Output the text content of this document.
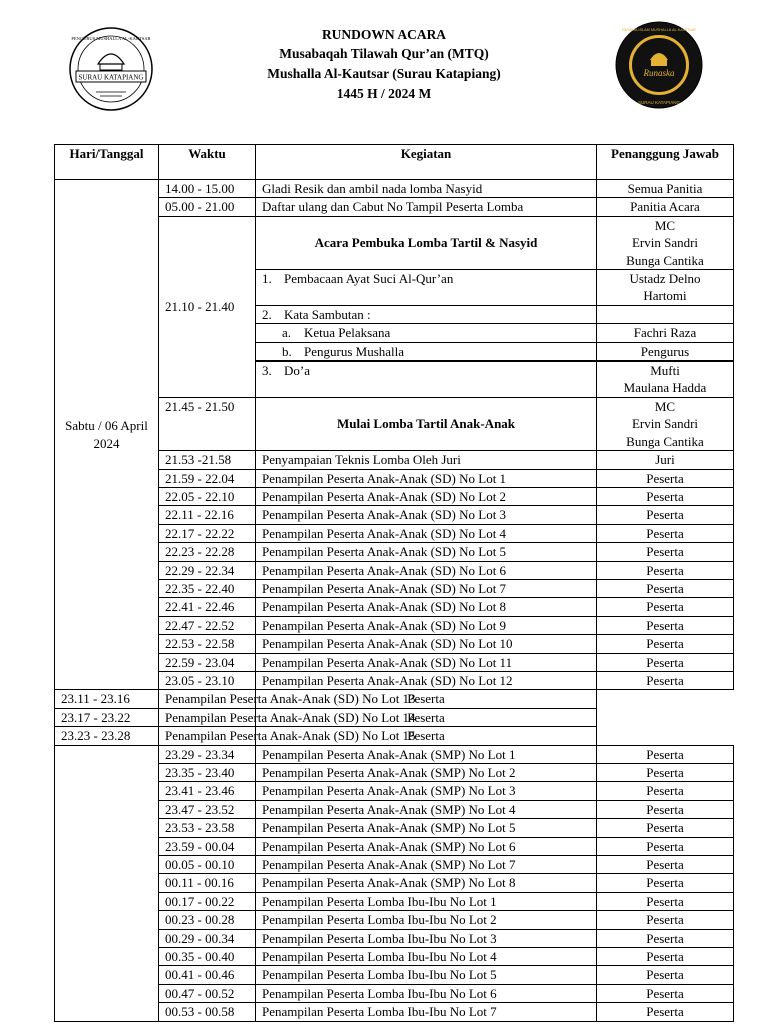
SURAU KATAPIANG
PENGURUS MUSHALLA AL-KAUTSAR	RUNDOWN ACARA
Musabaqah Tilawah Qur’an (MTQ)
Mushalla Al-Kautsar (Surau Katapiang)
1445 H / 2024 M
Runaska
REMAJA ISLAM MUSHALLA AL-KAUTSAR
SURAU KATAPIANG
Hari/Tanggal	Waktu	Kegiatan	Penanggung Jawab
Sabtu / 06 April 2024	14.00 - 15.00	Gladi Resik dan ambil nada lomba Nasyid	Semua Panitia
	05.00 - 21.00	Daftar ulang dan Cabut No Tampil Peserta Lomba	Panitia Acara
	21.10 - 21.40	Acara Pembuka Lomba Tartil & Nasyid	MC
Ervin Sandri
Bunga Cantika

		1. Pembacaan Ayat Suci Al-Qur’an	Ustadz Delno
Hartomi

		2. Kata Sambutan :	
		a. Ketua Pelaksana	Fachri Raza
		b. Pengurus Mushalla	Pengurus
		3. Do’a	Mufti
Maulana Hadda

	21.45 - 21.50	Mulai Lomba Tartil Anak-Anak	MC
Ervin Sandri
Bunga Cantika

	21.53 -21.58	Penyampaian Teknis Lomba Oleh Juri	Juri
	21.59 - 22.04	Penampilan Peserta Anak-Anak (SD) No Lot 1	Peserta
	22.05 - 22.10	Penampilan Peserta Anak-Anak (SD) No Lot 2	Peserta
	22.11 - 22.16	Penampilan Peserta Anak-Anak (SD) No Lot 3	Peserta
	22.17 - 22.22	Penampilan Peserta Anak-Anak (SD) No Lot 4	Peserta
	22.23 - 22.28	Penampilan Peserta Anak-Anak (SD) No Lot 5	Peserta
	22.29 - 22.34	Penampilan Peserta Anak-Anak (SD) No Lot 6	Peserta
	22.35 - 22.40	Penampilan Peserta Anak-Anak (SD) No Lot 7	Peserta
	22.41 - 22.46	Penampilan Peserta Anak-Anak (SD) No Lot 8	Peserta
	22.47 - 22.52	Penampilan Peserta Anak-Anak (SD) No Lot 9	Peserta
	22.53 - 22.58	Penampilan Peserta Anak-Anak (SD) No Lot 10	Peserta
	22.59 - 23.04	Penampilan Peserta Anak-Anak (SD) No Lot 11	Peserta
	23.05 - 23.10	Penampilan Peserta Anak-Anak (SD) No Lot 12	Peserta
23.11 - 23.16	Penampilan Peserta Anak-Anak (SD) No Lot 13	Peserta	
23.17 - 23.22	Penampilan Peserta Anak-Anak (SD) No Lot 14	Peserta	
23.23 - 23.28	Penampilan Peserta Anak-Anak (SD) No Lot 15	Peserta	
	23.29 - 23.34	Penampilan Peserta Anak-Anak (SMP) No Lot 1	Peserta
	23.35 - 23.40	Penampilan Peserta Anak-Anak (SMP) No Lot 2	Peserta
	23.41 - 23.46	Penampilan Peserta Anak-Anak (SMP) No Lot 3	Peserta
	23.47 - 23.52	Penampilan Peserta Anak-Anak (SMP) No Lot 4	Peserta
	23.53 - 23.58	Penampilan Peserta Anak-Anak (SMP) No Lot 5	Peserta
	23.59 - 00.04	Penampilan Peserta Anak-Anak (SMP) No Lot 6	Peserta
	00.05 - 00.10	Penampilan Peserta Anak-Anak (SMP) No Lot 7	Peserta
	00.11 - 00.16	Penampilan Peserta Anak-Anak (SMP) No Lot 8	Peserta
	00.17 - 00.22	Penampilan Peserta Lomba Ibu-Ibu No Lot 1	Peserta
	00.23 - 00.28	Penampilan Peserta Lomba Ibu-Ibu No Lot 2	Peserta
	00.29 - 00.34	Penampilan Peserta Lomba Ibu-Ibu No Lot 3	Peserta
	00.35 - 00.40	Penampilan Peserta Lomba Ibu-Ibu No Lot 4	Peserta
	00.41 - 00.46	Penampilan Peserta Lomba Ibu-Ibu No Lot 5	Peserta
	00.47 - 00.52	Penampilan Peserta Lomba Ibu-Ibu No Lot 6	Peserta
	00.53 - 00.58	Penampilan Peserta Lomba Ibu-Ibu No Lot 7	Peserta
